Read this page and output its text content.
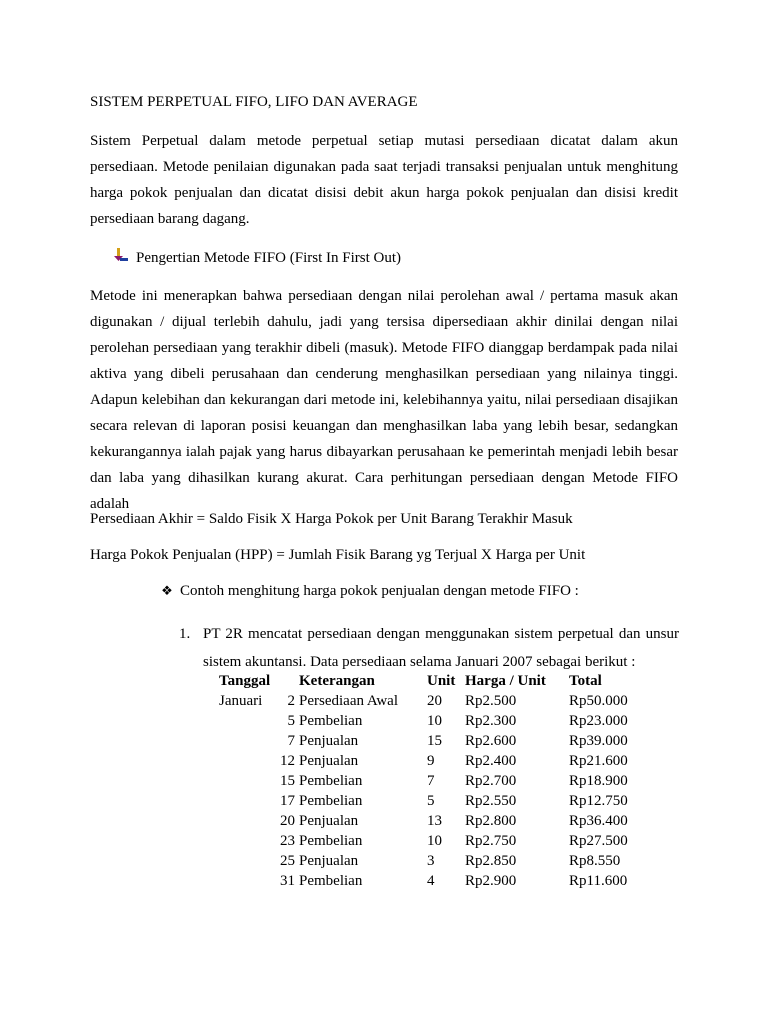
SISTEM PERPETUAL FIFO, LIFO DAN AVERAGE

Sistem Perpetual dalam metode perpetual setiap mutasi persediaan dicatat dalam akun persediaan. Metode penilaian digunakan pada saat terjadi transaksi penjualan untuk menghitung harga pokok penjualan dan dicatat disisi debit akun harga pokok penjualan dan disisi kredit persediaan barang dagang.

Pengertian Metode FIFO (First In First Out)

Metode ini menerapkan bahwa persediaan dengan nilai perolehan awal / pertama masuk akan digunakan / dijual terlebih dahulu, jadi yang tersisa dipersediaan akhir dinilai dengan nilai perolehan persediaan yang terakhir dibeli (masuk). Metode FIFO dianggap berdampak pada nilai aktiva yang dibeli perusahaan dan cenderung menghasilkan persediaan yang nilainya tinggi. Adapun kelebihan dan kekurangan dari metode ini, kelebihannya yaitu, nilai persediaan disajikan secara relevan di laporan posisi keuangan dan menghasilkan laba yang lebih besar, sedangkan kekurangannya ialah pajak yang harus dibayarkan perusahaan ke pemerintah menjadi lebih besar dan laba yang dihasilkan kurang akurat. Cara perhitungan persediaan dengan Metode FIFO adalah

Persediaan Akhir = Saldo Fisik X Harga Pokok per Unit Barang Terakhir Masuk
Harga Pokok Penjualan (HPP) = Jumlah Fisik Barang yg Terjual X Harga per Unit
❖ Contoh menghitung harga pokok penjualan dengan metode FIFO :
1. PT 2R mencatat persediaan dengan menggunakan sistem perpetual dan unsur sistem akuntansi. Data persediaan selama Januari 2007 sebagai berikut :
Tanggal		Keterangan	Unit	Harga / Unit	Total
Januari	2	Persediaan Awal	20	Rp2.500	Rp50.000
	5	Pembelian	10	Rp2.300	Rp23.000
	7	Penjualan	15	Rp2.600	Rp39.000
	12	Penjualan	9	Rp2.400	Rp21.600
	15	Pembelian	7	Rp2.700	Rp18.900
	17	Pembelian	5	Rp2.550	Rp12.750
	20	Penjualan	13	Rp2.800	Rp36.400
	23	Pembelian	10	Rp2.750	Rp27.500
	25	Penjualan	3	Rp2.850	Rp8.550
	31	Pembelian	4	Rp2.900	Rp11.600
